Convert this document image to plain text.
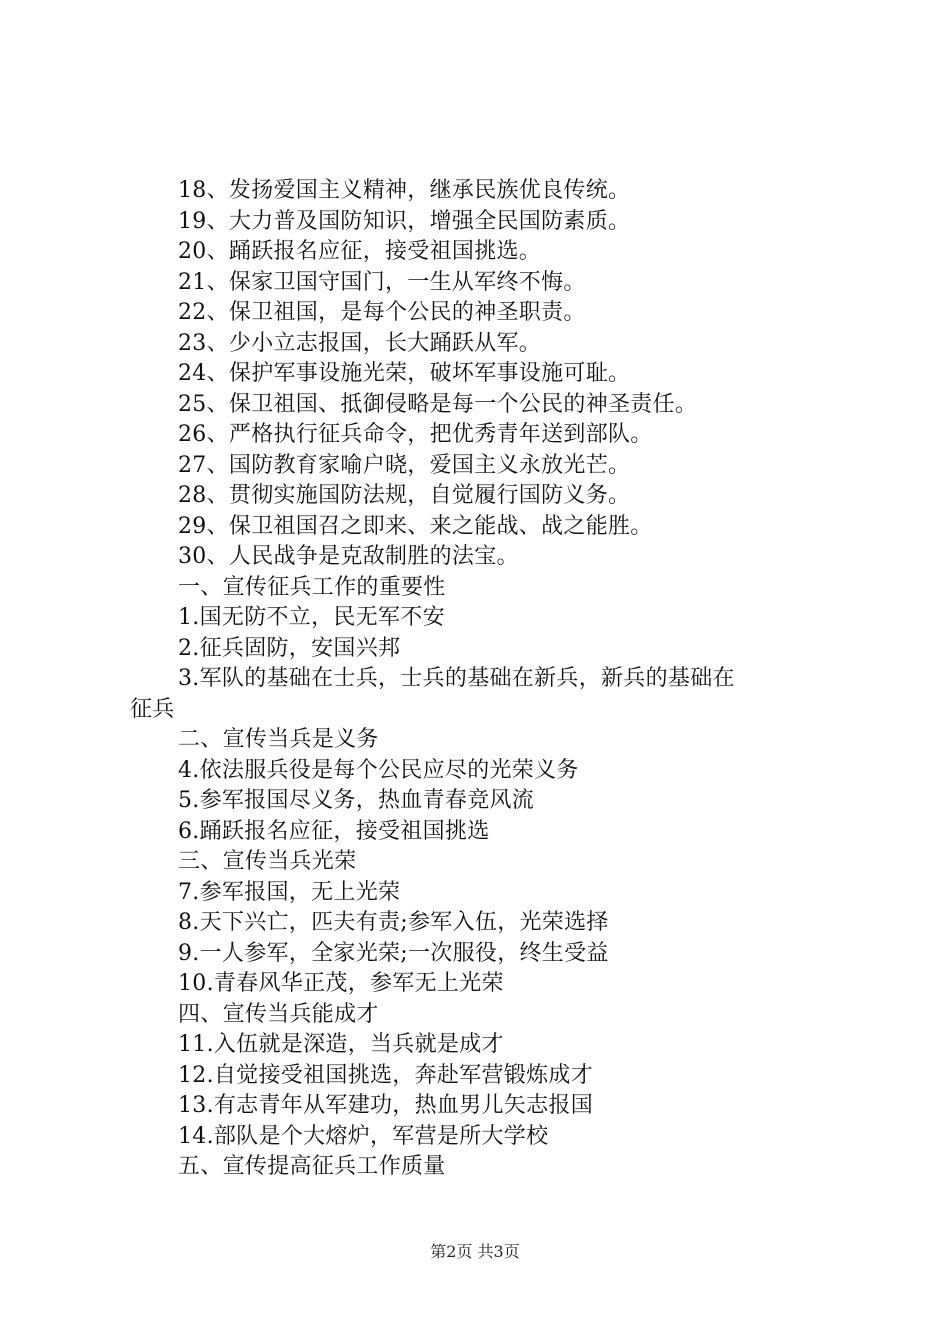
18、发扬爱国主义精神，继承民族优良传统。
19、大力普及国防知识，增强全民国防素质。
20、踊跃报名应征，接受祖国挑选。
21、保家卫国守国门，一生从军终不悔。
22、保卫祖国，是每个公民的神圣职责。
23、少小立志报国，长大踊跃从军。
24、保护军事设施光荣，破坏军事设施可耻。
25、保卫祖国、抵御侵略是每一个公民的神圣责任。
26、严格执行征兵命令，把优秀青年送到部队。
27、国防教育家喻户晓，爱国主义永放光芒。
28、贯彻实施国防法规，自觉履行国防义务。
29、保卫祖国召之即来、来之能战、战之能胜。
30、人民战争是克敌制胜的法宝。
一、宣传征兵工作的重要性
1.国无防不立，民无军不安
2.征兵固防，安国兴邦
3.军队的基础在士兵，士兵的基础在新兵，新兵的基础在
征兵
二、宣传当兵是义务
4.依法服兵役是每个公民应尽的光荣义务
5.参军报国尽义务，热血青春竞风流
6.踊跃报名应征，接受祖国挑选
三、宣传当兵光荣
7.参军报国，无上光荣
8.天下兴亡，匹夫有责;参军入伍，光荣选择
9.一人参军，全家光荣;一次服役，终生受益
10.青春风华正茂，参军无上光荣
四、宣传当兵能成才
11.入伍就是深造，当兵就是成才
12.自觉接受祖国挑选，奔赴军营锻炼成才
13.有志青年从军建功，热血男儿矢志报国
14.部队是个大熔炉，军营是所大学校
五、宣传提高征兵工作质量
第2页 共3页
